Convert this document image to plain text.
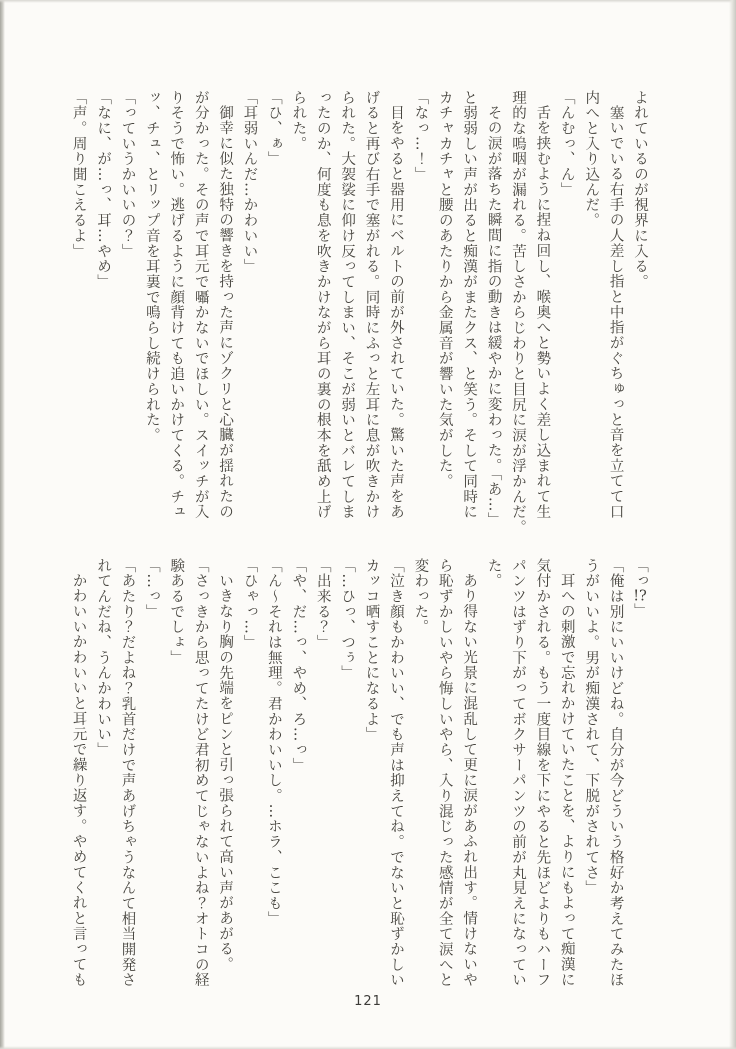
よれているのが視界に入る。

塞いでいる右手の人差し指と中指がぐちゅっと音を立てて口

内へと入り込んだ。

「んむっ、ん」

舌を挟むように捏ね回し、喉奥へと勢いよく差し込まれて生

理的な嗚咽が漏れる。苦しさからじわりと目尻に涙が浮かんだ。

その涙が落ちた瞬間に指の動きは緩やかに変わった。「あ…」

と弱弱しい声が出ると痴漢がまたクス、と笑う。そして同時に

カチャカチャと腰のあたりから金属音が響いた気がした。

「なっ…！」

目をやると器用にベルトの前が外されていた。驚いた声をあ

げると再び右手で塞がれる。同時にふっと左耳に息が吹きかけ

られた。大袈裟に仰け反ってしまい、そこが弱いとバレてしま

ったのか、何度も息を吹きかけながら耳の裏の根本を舐め上げ

られた。

「ひ、ぁ」

「耳弱いんだ…かわいい」

御幸に似た独特の響きを持った声にゾクリと心臓が揺れたの

が分かった。その声で耳元で囁かないでほしい。スイッチが入

りそうで怖い。逃げるように顔背けても追いかけてくる。チュ

ッ、チュ、とリップ音を耳裏で鳴らし続けられた。

「っていうかいいの？」

「なに、が…っ、耳…やめ」

「声。周り聞こえるよ」

「っ!?」

「俺は別にいいけどね。自分が今どういう格好か考えてみたほ

うがいいよ。男が痴漢されて、下脱がされてさ」

耳への刺激で忘れかけていたことを、よりにもよって痴漢に

気付かされる。もう一度目線を下にやると先ほどよりもハーフ

パンツはずり下がってボクサーパンツの前が丸見えになってい

た。

あり得ない光景に混乱して更に涙があふれ出す。情けないや

ら恥ずかしいやら悔しいやら、入り混じった感情が全て涙へと

変わった。

「泣き顔もかわいい、でも声は抑えてね。でないと恥ずかしい

カッコ晒すことになるよ」

「…ひっ、つぅ」

「出来る？」

「や、だ…っ、やめ、ろ…っ」

「ん〜それは無理。君かわいいし。…ホラ、ここも」

「ひゃっ…」

いきなり胸の先端をピンと引っ張られて高い声があがる。

「さっきから思ってたけど君初めてじゃないよね？オトコの経

験あるでしょ」

「…っ」

「あたり？だよね？乳首だけで声あげちゃうなんて相当開発さ

れてんだね、うんかわいい」

かわいいかわいいと耳元で繰り返す。やめてくれと言っても

121
